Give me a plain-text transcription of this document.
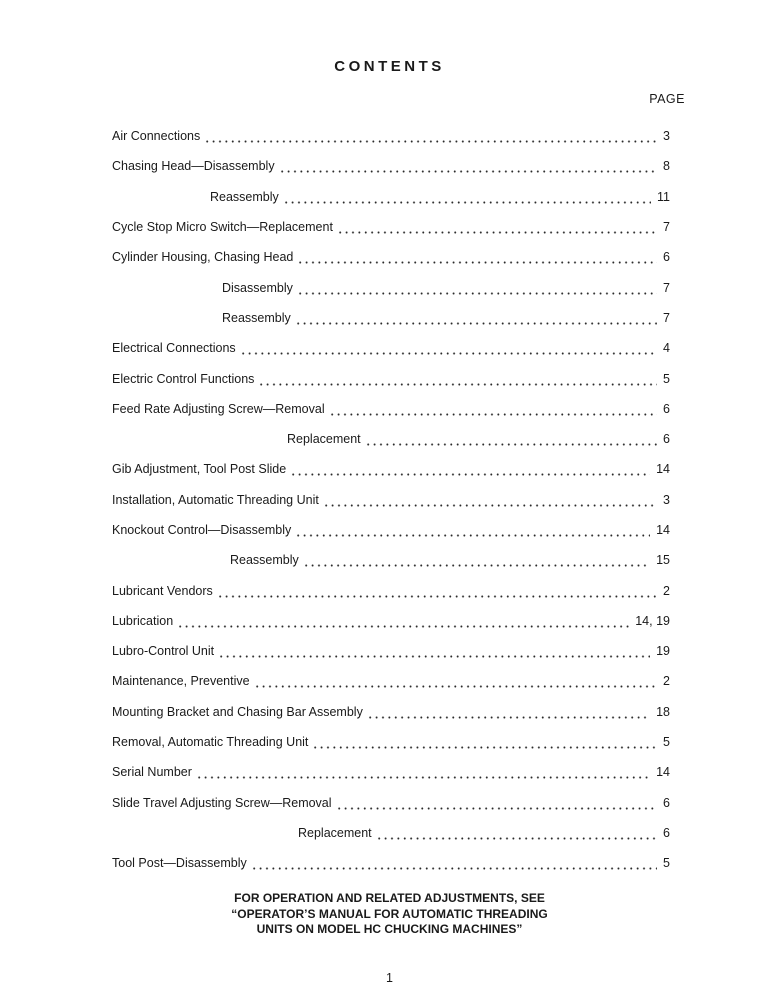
CONTENTS
PAGE
Air Connections	3
Chasing Head—Disassembly	8
Reassembly	11
Cycle Stop Micro Switch—Replacement	7
Cylinder Housing, Chasing Head	6
Disassembly	7
Reassembly	7
Electrical Connections	4
Electric Control Functions	5
Feed Rate Adjusting Screw—Removal	6
Replacement	6
Gib Adjustment, Tool Post Slide	14
Installation, Automatic Threading Unit	3
Knockout Control—Disassembly	14
Reassembly	15
Lubricant Vendors	2
Lubrication	14, 19
Lubro-Control Unit	19
Maintenance, Preventive	2
Mounting Bracket and Chasing Bar Assembly	18
Removal, Automatic Threading Unit	5
Serial Number	14
Slide Travel Adjusting Screw—Removal	6
Replacement	6
Tool Post—Disassembly	5
FOR OPERATION AND RELATED ADJUSTMENTS, SEE
“OPERATOR’S MANUAL FOR AUTOMATIC THREADING
UNITS ON MODEL HC CHUCKING MACHINES”
1
